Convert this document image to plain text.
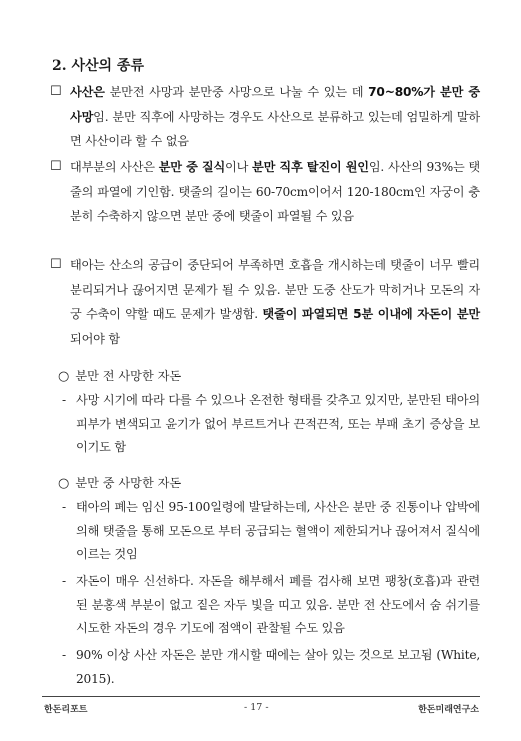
2. 사산의 종류
☐ 사산은 분만전 사망과 분만중 사망으로 나눌 수 있는 데 70~80%가 분만 중 사망임. 분만 직후에 사망하는 경우도 사산으로 분류하고 있는데 엄밀하게 말하면 사산이라 할 수 없음
☐ 대부분의 사산은 분만 중 질식이나 분만 직후 탈진이 원인임. 사산의 93%는 탯줄의 파열에 기인함. 탯줄의 길이는 60-70cm이어서 120-180cm인 자궁이 충분히 수축하지 않으면 분만 중에 탯줄이 파열될 수 있음
☐ 태아는 산소의 공급이 중단되어 부족하면 호흡을 개시하는데 탯줄이 너무 빨리 분리되거나 끊어지면 문제가 될 수 있음. 분만 도중 산도가 막히거나 모돈의 자궁 수축이 약할 때도 문제가 발생함. 탯줄이 파열되면 5분 이내에 자돈이 분만되어야 함
○ 분만 전 사망한 자돈
- 사망 시기에 따라 다를 수 있으나 온전한 형태를 갖추고 있지만, 분만된 태아의 피부가 변색되고 윤기가 없어 부르트거나 끈적끈적, 또는 부패 초기 증상을 보이기도 함
○ 분만 중 사망한 자돈
- 태아의 폐는 임신 95-100일령에 발달하는데, 사산은 분만 중 진통이나 압박에 의해 탯줄을 통해 모돈으로 부터 공급되는 혈액이 제한되거나 끊어져서 질식에 이르는 것임
- 자돈이 매우 신선하다. 자돈을 해부해서 폐를 검사해 보면 팽창(호흡)과 관련된 분홍색 부분이 없고 짙은 자두 빛을 띠고 있음. 분만 전 산도에서 숨 쉬기를 시도한 자돈의 경우 기도에 점액이 관찰될 수도 있음
- 90% 이상 사산 자돈은 분만 개시할 때에는 살아 있는 것으로 보고됨 (White, 2015).
한돈리포트	- 17 -	한돈미래연구소
